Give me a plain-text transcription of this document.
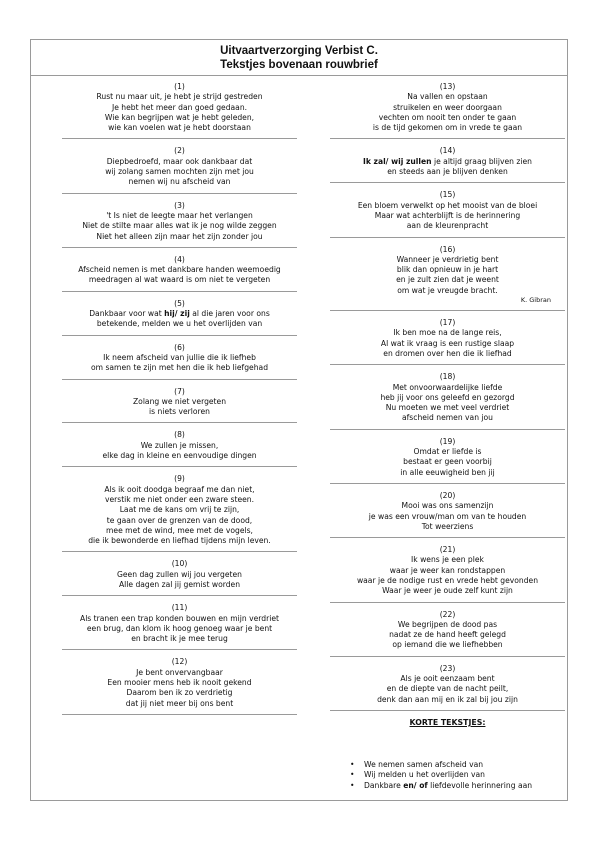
Uitvaartverzorging Verbist C.
Tekstjes bovenaan rouwbrief
(1)
Rust nu maar uit, je hebt je strijd gestreden
Je hebt het meer dan goed gedaan.
Wie kan begrijpen wat je hebt geleden,
wie kan voelen wat je hebt doorstaan
(2)
Diepbedroefd, maar ook dankbaar dat
wij zolang samen mochten zijn met jou
nemen wij nu afscheid van
(3)
't Is niet de leegte maar het verlangen
Niet de stilte maar alles wat ik je nog wilde zeggen
Niet het alleen zijn maar het zijn zonder jou
(4)
Afscheid nemen is met dankbare handen weemoedig
meedragen al wat waard is om niet te vergeten
(5)
Dankbaar voor wat hij/ zij al die jaren voor ons
betekende, melden we u het overlijden van
(6)
Ik neem afscheid van jullie die ik liefheb
om samen te zijn met hen die ik heb liefgehad
(7)
Zolang we niet vergeten
is niets verloren
(8)
We zullen je missen,
elke dag in kleine en eenvoudige dingen
(9)
Als ik ooit doodga begraaf me dan niet,
verstik me niet onder een zware steen.
Laat me de kans om vrij te zijn,
te gaan over de grenzen van de dood,
mee met de wind, mee met de vogels,
die ik bewonderde en liefhad tijdens mijn leven.
(10)
Geen dag zullen wij jou vergeten
Alle dagen zal jij gemist worden
(11)
Als tranen een trap konden bouwen en mijn verdriet
een brug, dan klom ik hoog genoeg waar je bent
en bracht ik je mee terug
(12)
Je bent onvervangbaar
Een mooier mens heb ik nooit gekend
Daarom ben ik zo verdrietig
dat jij niet meer bij ons bent
(13)
Na vallen en opstaan
struikelen en weer doorgaan
vechten om nooit ten onder te gaan
is de tijd gekomen om in vrede te gaan
(14)
Ik zal/ wij zullen je altijd graag blijven zien
en steeds aan je blijven denken
(15)
Een bloem verwelkt op het mooist van de bloei
Maar wat achterblijft is de herinnering
aan de kleurenpracht
(16)
Wanneer je verdrietig bent
blik dan opnieuw in je hart
en je zult zien dat je weent
om wat je vreugde bracht.
K. Gibran
(17)
Ik ben moe na de lange reis,
Al wat ik vraag is een rustige slaap
en dromen over hen die ik liefhad
(18)
Met onvoorwaardelijke liefde
heb jij voor ons geleefd en gezorgd
Nu moeten we met veel verdriet
afscheid nemen van jou
(19)
Omdat er liefde is
bestaat er geen voorbij
in alle eeuwigheid ben jij
(20)
Mooi was ons samenzijn
je was een vrouw/man om van te houden
Tot weerziens
(21)
Ik wens je een plek
waar je weer kan rondstappen
waar je de nodige rust en vrede hebt gevonden
Waar je weer je oude zelf kunt zijn
(22)
We begrijpen de dood pas
nadat ze de hand heeft gelegd
op iemand die we liefhebben
(23)
Als je ooit eenzaam bent
en de diepte van de nacht peilt,
denk dan aan mij en ik zal bij jou zijn
KORTE TEKSTJES:
• We nemen samen afscheid van
• Wij melden u het overlijden van
• Dankbare en/ of liefdevolle herinnering aan
